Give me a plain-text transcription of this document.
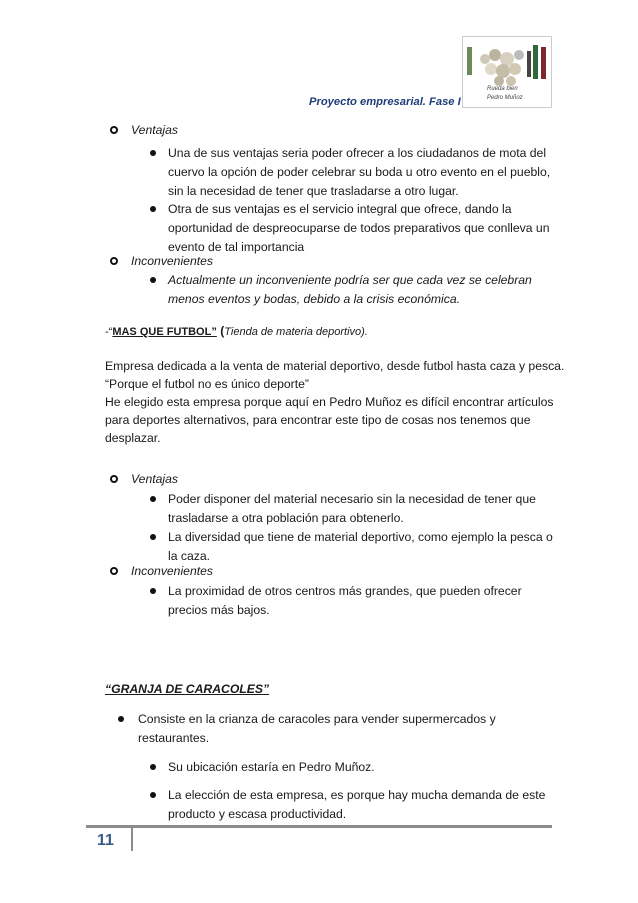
Proyecto empresarial. Fase I
Rueda bien
Pedro Muñoz
Ventajas
Una de sus ventajas seria poder ofrecer a los ciudadanos de mota del
cuervo la opción de poder celebrar su boda u otro evento en el pueblo,
sin la necesidad de tener que trasladarse a otro lugar.
Otra de sus ventajas es el servicio integral que ofrece, dando la
oportunidad de despreocuparse de todos preparativos que conlleva un
evento de tal importancia
Inconvenientes
Actualmente un inconveniente podría ser que cada vez se celebran
menos eventos y bodas, debido a la crisis económica.
-“MAS QUE FUTBOL” (Tienda de materia deportivo).
Empresa dedicada a la venta de material deportivo, desde futbol hasta caza y pesca.
“Porque el futbol no es único deporte”
He elegido esta empresa porque aquí en Pedro Muñoz es difícil encontrar artículos
para deportes alternativos, para encontrar este tipo de cosas nos tenemos que
desplazar.
Ventajas
Poder disponer del material necesario sin la necesidad de tener que
trasladarse a otra población para obtenerlo.
La diversidad que tiene de material deportivo, como ejemplo la pesca o
la caza.
Inconvenientes
La proximidad de otros centros más grandes, que pueden ofrecer
precios más bajos.
“GRANJA DE CARACOLES”
Consiste en la crianza de caracoles para vender supermercados y
restaurantes.
Su ubicación estaría en Pedro Muñoz.
La elección de esta empresa, es porque hay mucha demanda de este
producto y escasa productividad.
11
